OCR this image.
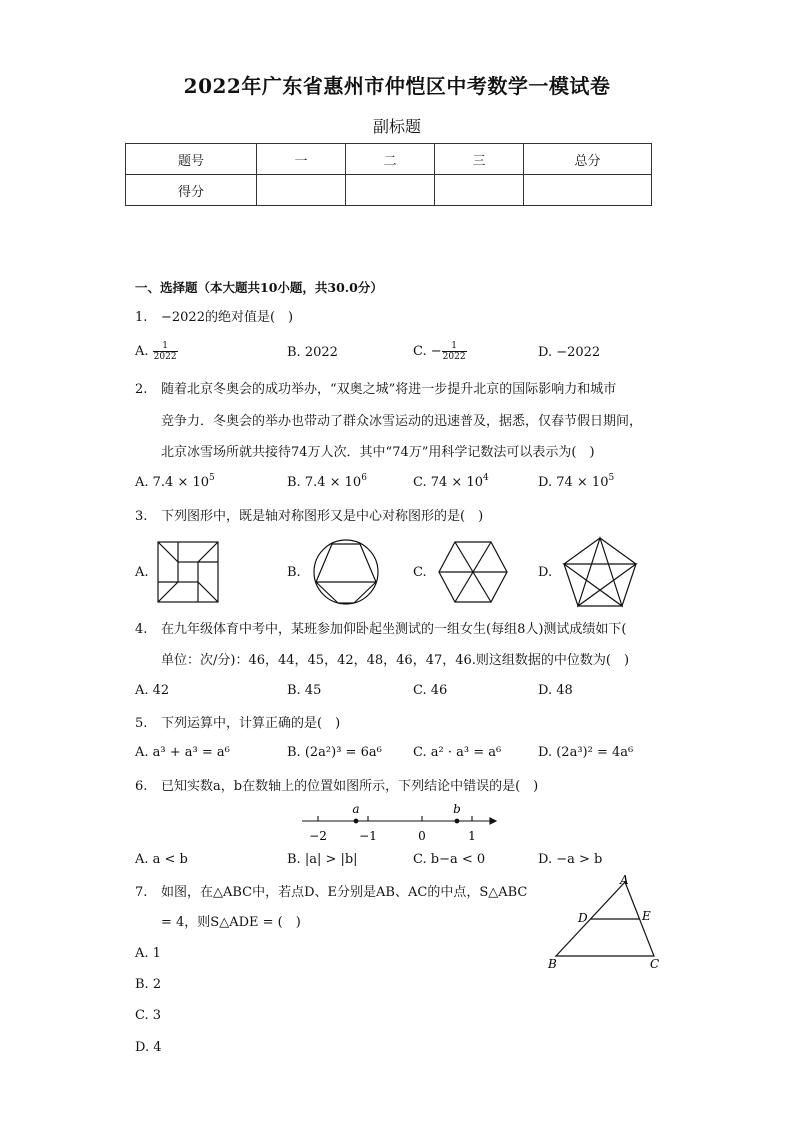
2022年广东省惠州市仲恺区中考数学一模试卷
副标题
题号	一	二	三	总分
得分				
一、选择题（本大题共10小题，共30.0分）
1. −2022的绝对值是(　)
A. $\frac{1}{2022}$	B. 2022	C. − $\frac{1}{2022}$	D. −2022
2. 随着北京冬奥会的成功举办，“双奥之城”将进一步提升北京的国际影响力和城市
竞争力．冬奥会的举办也带动了群众冰雪运动的迅速普及，据悉，仅春节假日期间，
北京冰雪场所就共接待74万人次．其中“74万”用科学记数法可以表示为(　)
A. $7.4 \times 10^5$	B. $7.4 \times 10^6$	C. $74 \times 10^4$	D. $74 \times 10^5$
3. 下列图形中，既是轴对称图形又是中心对称图形的是(　)
A.	B.	C.	D.
4. 在九年级体育中考中，某班参加仰卧起坐测试的一组女生(每组8人)测试成绩如下(
单位：次/分)：46，44，45，42，48，46，47，46.则这组数据的中位数为(　)
A. 42	B. 45	C. 46	D. 48
5. 下列运算中，计算正确的是(　)
A. a³ + a³ = a⁶	B. (2a²)³ = 6a⁶ C. a² · a³ = a⁶	D. (2a³)² = 4a⁶
6. 已知实数a，b在数轴上的位置如图所示，下列结论中错误的是(　)
a	b
−2	−1	0	1
A. a < b	B. |a| > |b|	C. b−a < 0	D. −a > b
7. 如图，在△ABC中，若点D、E分别是AB、AC的中点，S△ABC
= 4，则S△ADE = (　)
A. 1
B. 2
C. 3
D. 4
A
D	E
B	C
